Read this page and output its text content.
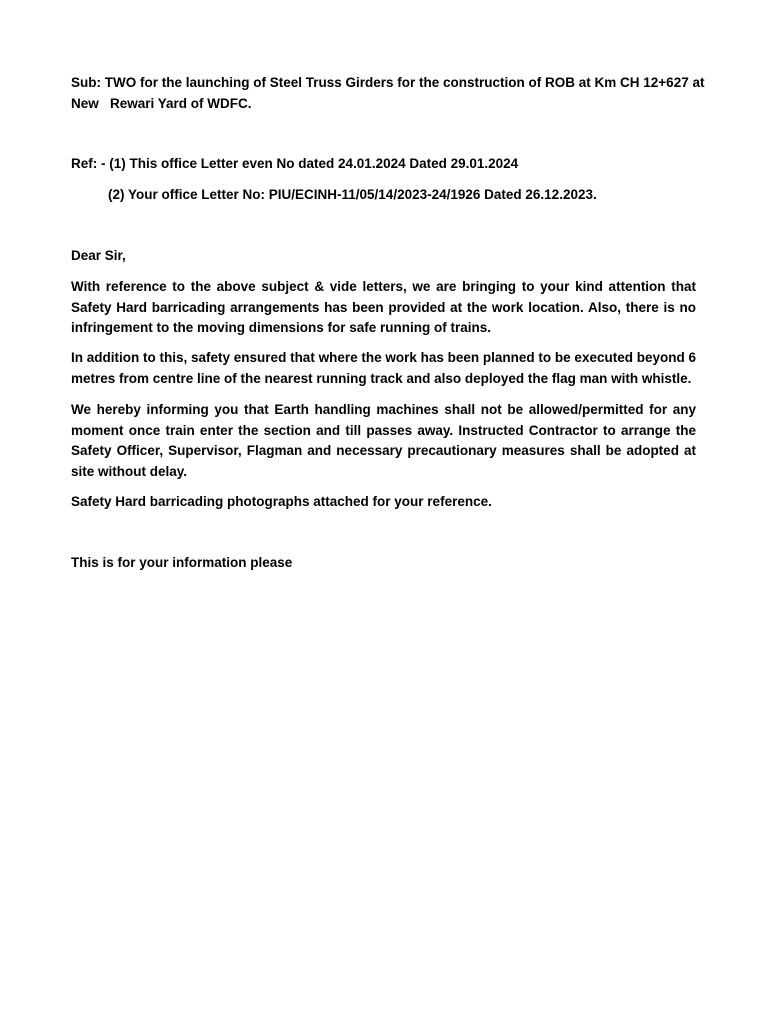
Sub: TWO for the launching of Steel Truss Girders for the construction of ROB at Km CH 12+627 at
New   Rewari Yard of WDFC.
Ref: - (1) This office Letter even No dated 24.01.2024 Dated 29.01.2024
(2) Your office Letter No: PIU/ECINH-11/05/14/2023-24/1926 Dated 26.12.2023.
Dear Sir,

With reference to the above subject & vide letters, we are bringing to your kind attention that Safety Hard barricading arrangements has been provided at the work location. Also, there is no infringement to the moving dimensions for safe running of trains.

In addition to this, safety ensured that where the work has been planned to be executed beyond 6 metres from centre line of the nearest running track and also deployed the flag man with whistle.

We hereby informing you that Earth handling machines shall not be allowed/permitted for any moment once train enter the section and till passes away. Instructed Contractor to arrange the Safety Officer, Supervisor, Flagman and necessary precautionary measures shall be adopted at site without delay.

Safety Hard barricading photographs attached for your reference.

This is for your information please
